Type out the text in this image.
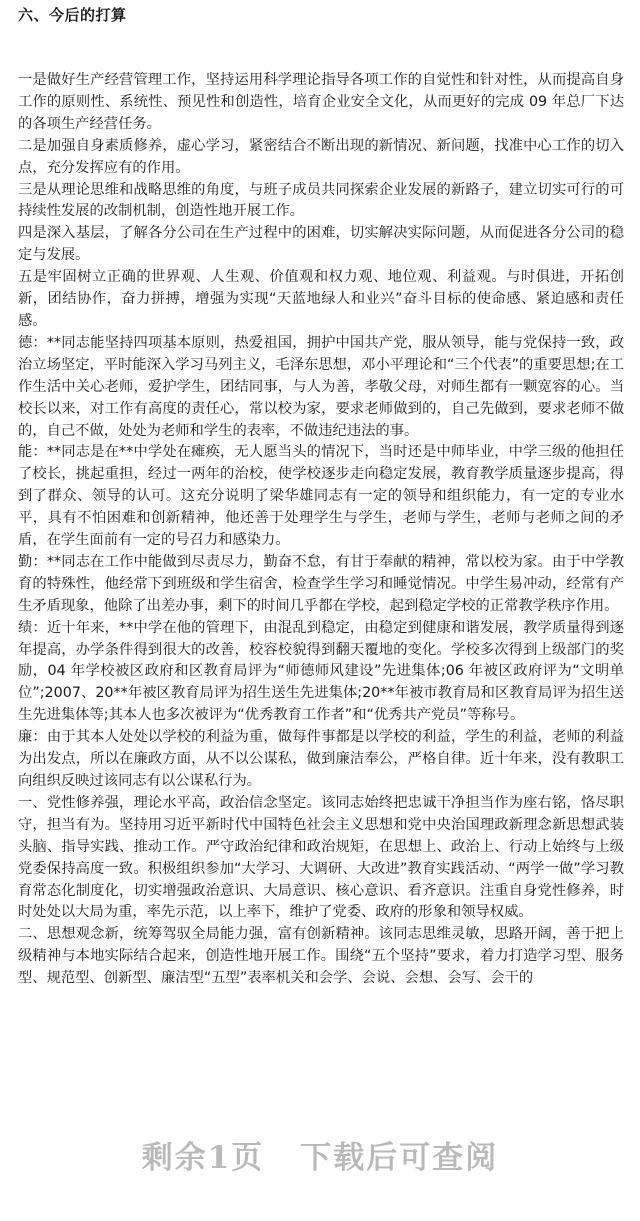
六、今后的打算

一是做好生产经营管理工作，坚持运用科学理论指导各项工作的自觉性和针对性，从而提高自身工作的原则性、系统性、预见性和创造性，培育企业安全文化，从而更好的完成 09 年总厂下达的各项生产经营任务。

二是加强自身素质修养，虚心学习，紧密结合不断出现的新情况、新问题，找准中心工作的切入点，充分发挥应有的作用。

三是从理论思维和战略思维的角度，与班子成员共同探索企业发展的新路子，建立切实可行的可持续性发展的改制机制，创造性地开展工作。

四是深入基层，了解各分公司在生产过程中的困难，切实解决实际问题，从而促进各分公司的稳定与发展。

五是牢固树立正确的世界观、人生观、价值观和权力观、地位观、利益观。与时俱进，开拓创新，团结协作，奋力拼搏，增强为实现“天蓝地绿人和业兴”奋斗目标的使命感、紧迫感和责任感。

德：**同志能坚持四项基本原则，热爱祖国，拥护中国共产党，服从领导，能与党保持一致，政治立场坚定，平时能深入学习马列主义，毛泽东思想，邓小平理论和“三个代表”的重要思想;在工作生活中关心老师，爱护学生，团结同事，与人为善，孝敬父母，对师生都有一颗宽容的心。当校长以来，对工作有高度的责任心，常以校为家，要求老师做到的，自己先做到，要求老师不做的，自己不做，处处为老师和学生的表率，不做违纪违法的事。

能：**同志是在**中学处在瘫痪，无人愿当头的情况下，当时还是中师毕业，中学三级的他担任了校长，挑起重担，经过一两年的治校，使学校逐步走向稳定发展，教育教学质量逐步提高，得到了群众、领导的认可。这充分说明了梁华雄同志有一定的领导和组织能力，有一定的专业水平，具有不怕困难和创新精神，他还善于处理学生与学生，老师与学生，老师与老师之间的矛盾，在学生面前有一定的号召力和感染力。

勤：**同志在工作中能做到尽责尽力，勤奋不怠，有甘于奉献的精神，常以校为家。由于中学教育的特殊性，他经常下到班级和学生宿舍，检查学生学习和睡觉情况。中学生易冲动，经常有产生矛盾现象，他除了出差办事，剩下的时间几乎都在学校，起到稳定学校的正常教学秩序作用。

绩：近十年来，**中学在他的管理下，由混乱到稳定，由稳定到健康和谐发展，教学质量得到逐年提高，办学条件得到很大的改善，校容校貌得到翻天覆地的变化。学校多次得到上级部门的奖励，04 年学校被区政府和区教育局评为“师德师风建设”先进集体;06 年被区政府评为“文明单位”;2007、20**年被区教育局评为招生送生先进集体;20**年被市教育局和区教育局评为招生送生先进集体等;其本人也多次被评为“优秀教育工作者”和“优秀共产党员”等称号。

廉：由于其本人处处以学校的利益为重，做每件事都是以学校的利益，学生的利益，老师的利益为出发点，所以在廉政方面，从不以公谋私，做到廉洁奉公，严格自律。近十年来，没有教职工向组织反映过该同志有以公谋私行为。

一、党性修养强，理论水平高，政治信念坚定。该同志始终把忠诚干净担当作为座右铭，恪尽职守，担当有为。坚持用习近平新时代中国特色社会主义思想和党中央治国理政新理念新思想武装头脑、指导实践、推动工作。严守政治纪律和政治规矩，在思想上、政治上、行动上始终与上级党委保持高度一致。积极组织参加“大学习、大调研、大改进”教育实践活动、“两学一做”学习教育常态化制度化，切实增强政治意识、大局意识、核心意识、看齐意识。注重自身党性修养，时时处处以大局为重，率先示范，以上率下，维护了党委、政府的形象和领导权威。

二、思想观念新，统筹驾驭全局能力强，富有创新精神。该同志思维灵敏，思路开阔，善于把上级精神与本地实际结合起来，创造性地开展工作。围绕“五个坚持”要求，着力打造学习型、服务型、规范型、创新型、廉洁型“五型”表率机关和会学、会说、会想、会写、会干的

剩余1页 下载后可查阅
